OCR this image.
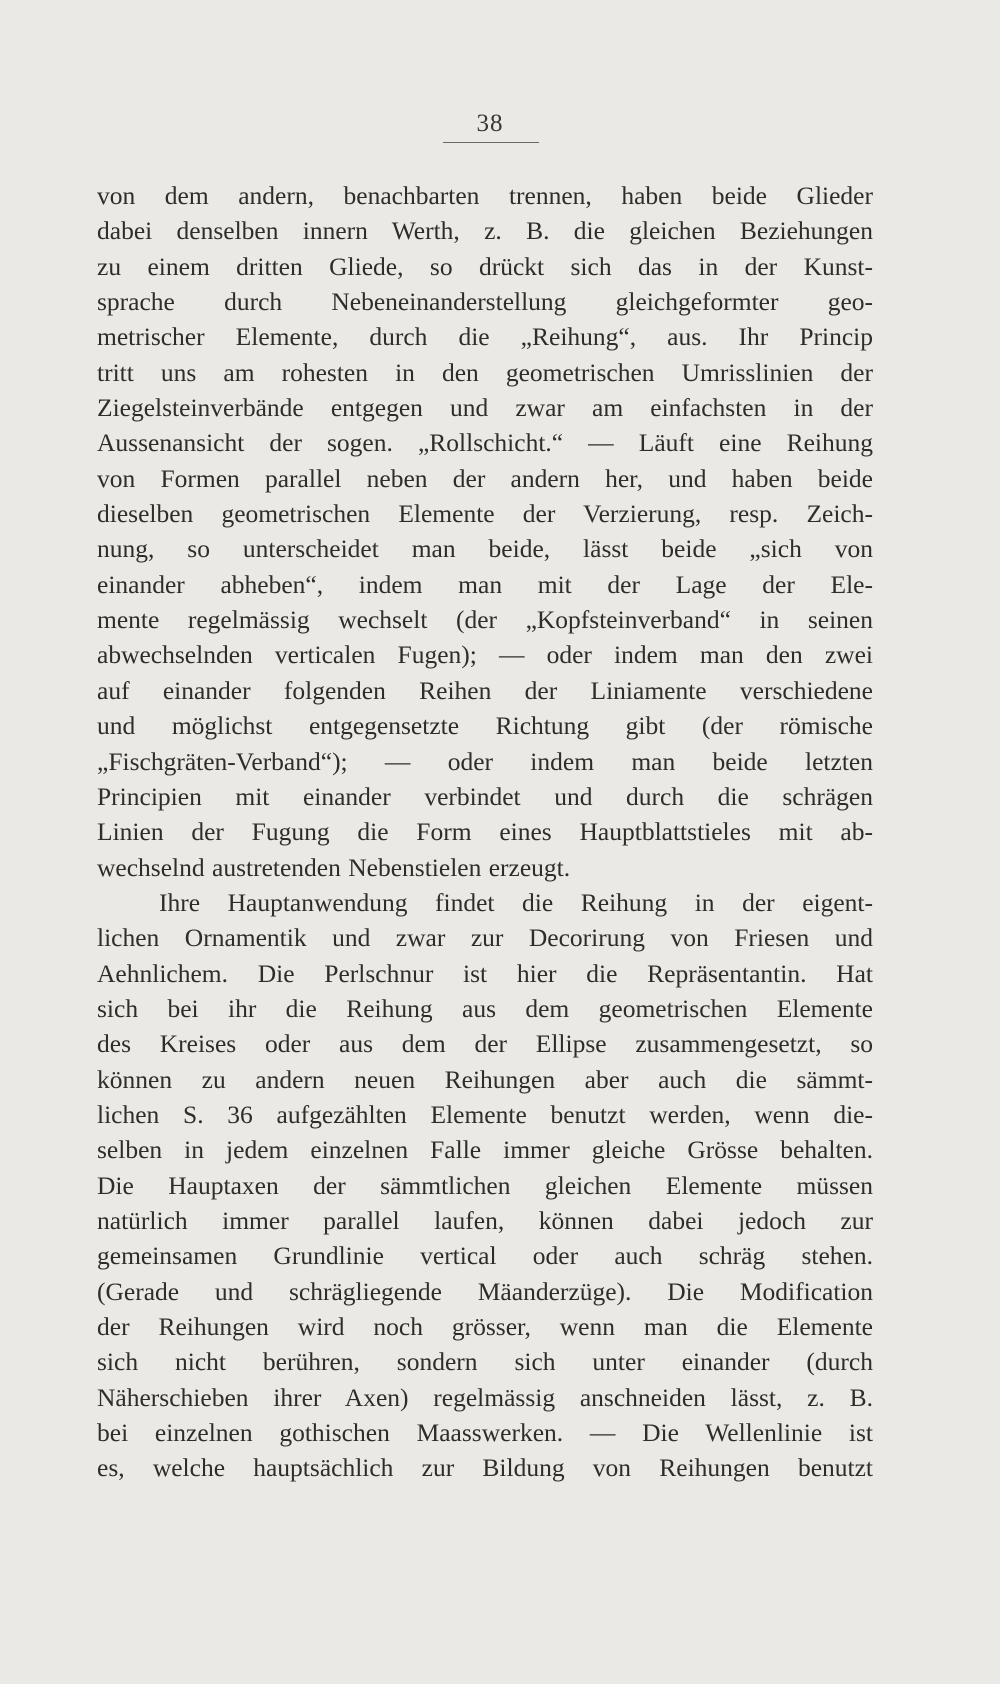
38
von dem andern, benachbarten trennen, haben beide Glieder
dabei denselben innern Werth, z. B. die gleichen Beziehungen
zu einem dritten Gliede, so drückt sich das in der Kunst-
sprache durch Nebeneinanderstellung gleichgeformter geo-
metrischer Elemente, durch die „Reihung“, aus. Ihr Princip
tritt uns am rohesten in den geometrischen Umrisslinien der
Ziegelsteinverbände entgegen und zwar am einfachsten in der
Aussenansicht der sogen. „Rollschicht.“ — Läuft eine Reihung
von Formen parallel neben der andern her, und haben beide
dieselben geometrischen Elemente der Verzierung, resp. Zeich-
nung, so unterscheidet man beide, lässt beide „sich von
einander abheben“, indem man mit der Lage der Ele-
mente regelmässig wechselt (der „Kopfsteinverband“ in seinen
abwechselnden verticalen Fugen); — oder indem man den zwei
auf einander folgenden Reihen der Liniamente verschiedene
und möglichst entgegensetzte Richtung gibt (der römische
„Fischgräten-Verband“); — oder indem man beide letzten
Principien mit einander verbindet und durch die schrägen
Linien der Fugung die Form eines Hauptblattstieles mit ab-
wechselnd austretenden Nebenstielen erzeugt.
Ihre Hauptanwendung findet die Reihung in der eigent-
lichen Ornamentik und zwar zur Decorirung von Friesen und
Aehnlichem. Die Perlschnur ist hier die Repräsentantin. Hat
sich bei ihr die Reihung aus dem geometrischen Elemente
des Kreises oder aus dem der Ellipse zusammengesetzt, so
können zu andern neuen Reihungen aber auch die sämmt-
lichen S. 36 aufgezählten Elemente benutzt werden, wenn die-
selben in jedem einzelnen Falle immer gleiche Grösse behalten.
Die Hauptaxen der sämmtlichen gleichen Elemente müssen
natürlich immer parallel laufen, können dabei jedoch zur
gemeinsamen Grundlinie vertical oder auch schräg stehen.
(Gerade und schrägliegende Mäanderzüge). Die Modification
der Reihungen wird noch grösser, wenn man die Elemente
sich nicht berühren, sondern sich unter einander (durch
Näherschieben ihrer Axen) regelmässig anschneiden lässt, z. B.
bei einzelnen gothischen Maasswerken. — Die Wellenlinie ist
es, welche hauptsächlich zur Bildung von Reihungen benutzt
